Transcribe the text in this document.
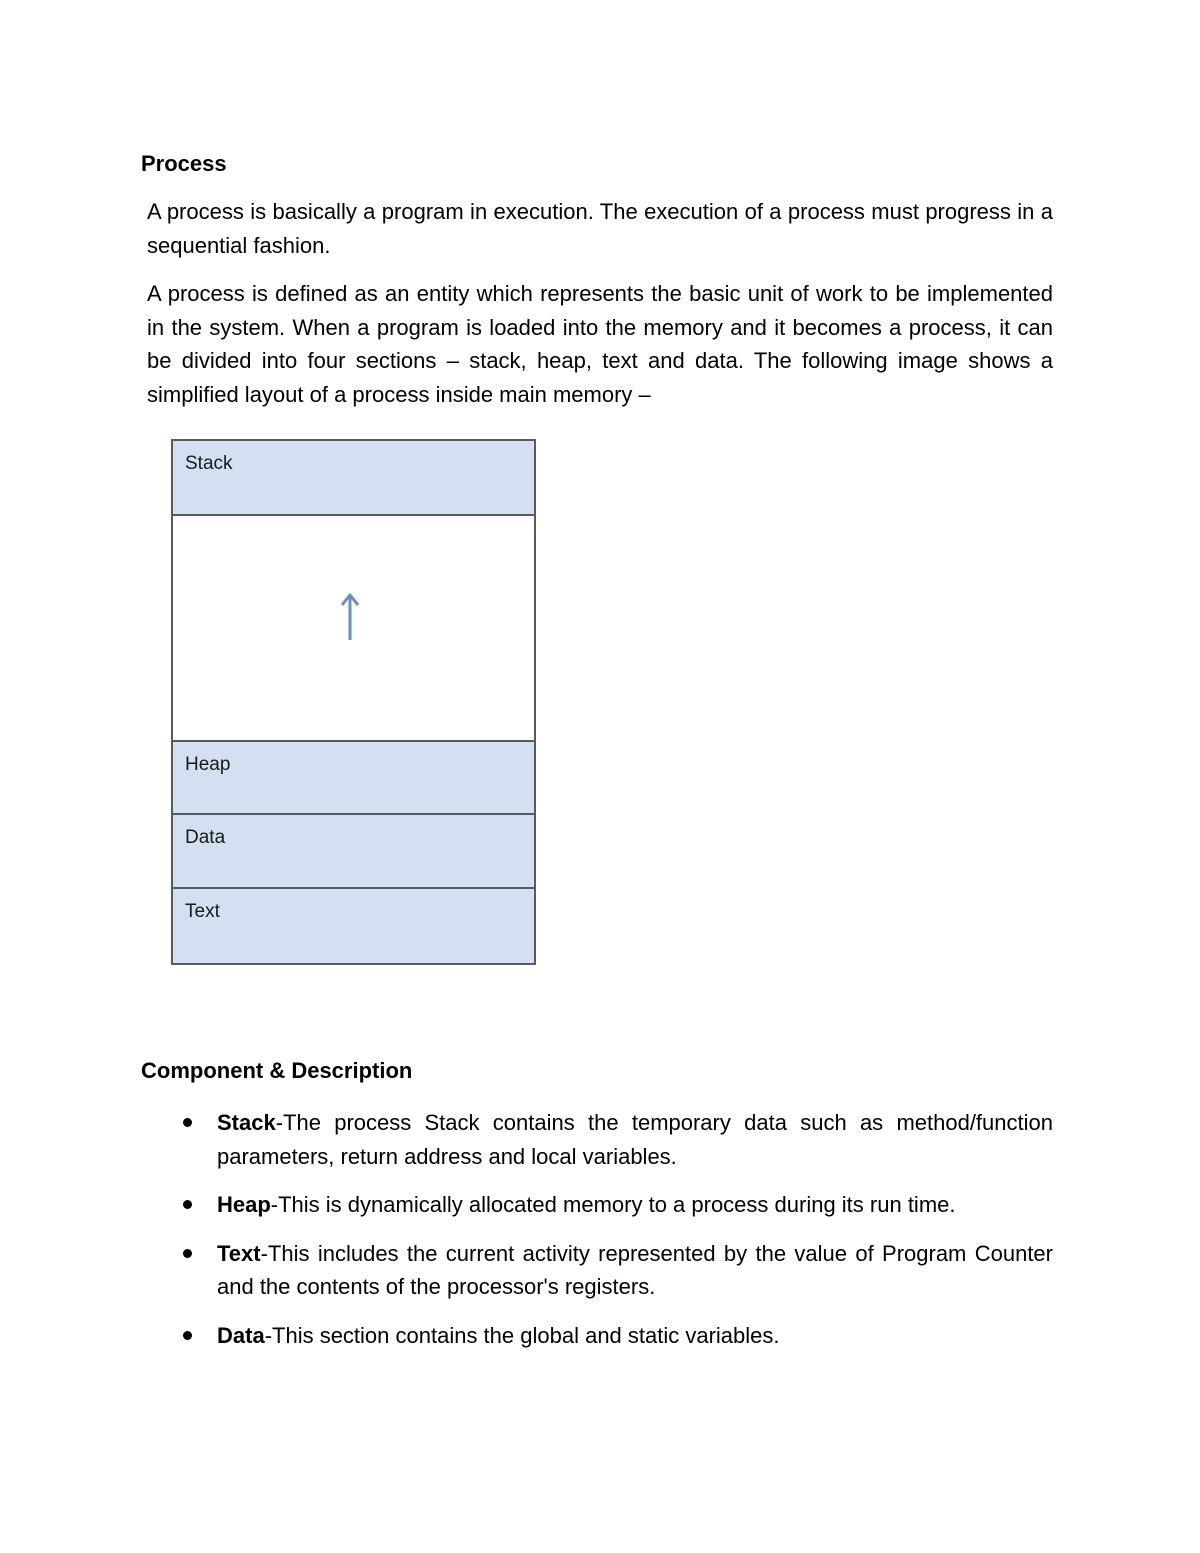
Process

A process is basically a program in execution. The execution of a process must progress in a sequential fashion.

A process is defined as an entity which represents the basic unit of work to be implemented in the system. When a program is loaded into the memory and it becomes a process, it can be divided into four sections – stack, heap, text and data. The following image shows a simplified layout of a process inside main memory –

Stack
Heap
Data
Text
Component & Description
Stack-The process Stack contains the temporary data such as method/function parameters, return address and local variables.
Heap-This is dynamically allocated memory to a process during its run time.
Text-This includes the current activity represented by the value of Program Counter and the contents of the processor's registers.
Data-This section contains the global and static variables.
